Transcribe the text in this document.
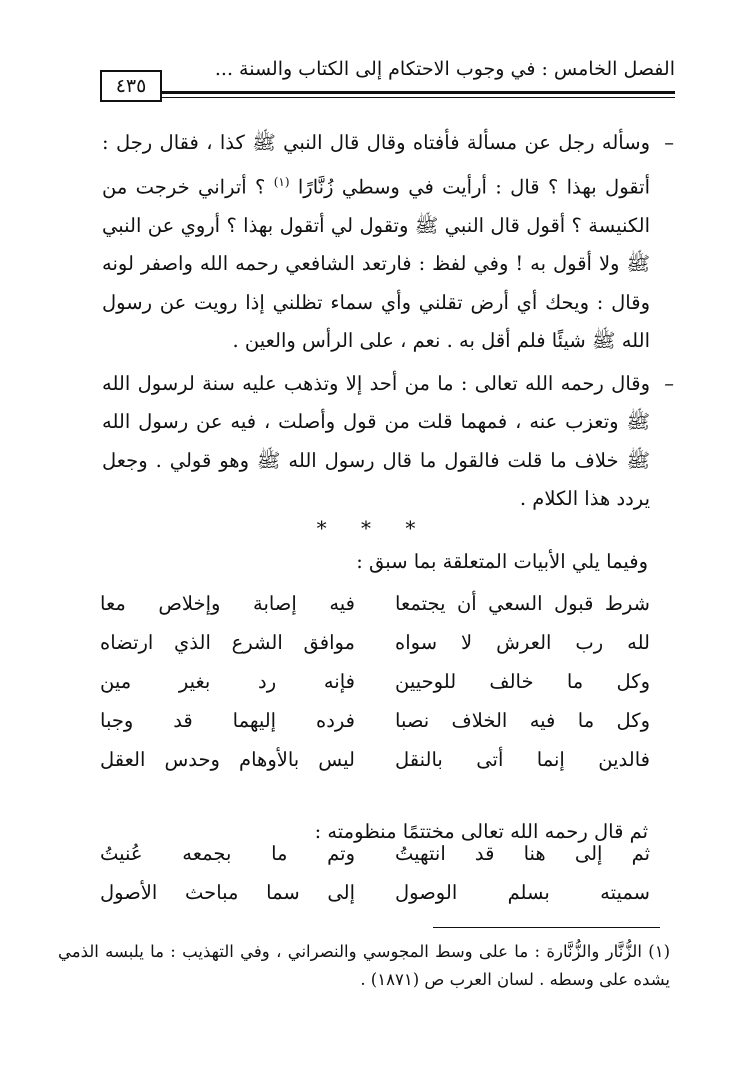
الفصل الخامس : في وجوب الاحتكام إلى الكتاب والسنة ...
٤٣٥

–
وسأله رجل عن مسألة فأفتاه وقال قال النبي ﷺ كذا ، فقال رجل : أتقول بهذا ؟ قال : أرأيت في وسطي زُنَّارًا $^{(١)}$ ؟ أتراني خرجت من الكنيسة ؟ أقول قال النبي ﷺ وتقول لي أتقول بهذا ؟ أروي عن النبي ﷺ ولا أقول به ! وفي لفظ : فارتعد الشافعي رحمه الله واصفر لونه وقال : ويحك أي أرض تقلني وأي سماء تظلني إذا رويت عن رسول الله ﷺ شيئًا فلم أقل به . نعم ، على الرأس والعين .

–
وقال رحمه الله تعالى : ما من أحد إلا وتذهب عليه سنة لرسول الله ﷺ وتعزب عنه ، فمهما قلت من قول وأصلت ، فيه عن رسول الله ﷺ خلاف ما قلت فالقول ما قال رسول الله ﷺ وهو قولي . وجعل يردد هذا الكلام .

* * *
وفيما يلي الأبيات المتعلقة بما سبق :
شرط قبول السعي أن يجتمعا
فيه إصابة وإخلاص معا
لله رب العرش لا سواه
موافق الشرع الذي ارتضاه
وكل ما خالف للوحيين
فإنه رد بغير مين
وكل ما فيه الخلاف نصبا
فرده إليهما قد وجبا
فالدين إنما أتى بالنقل
ليس بالأوهام وحدس العقل
ثم قال رحمه الله تعالى مختتمًا منظومته :
ثم إلى هنا قد انتهيتُ
وتم ما بجمعه عُنيتُ
سميته بسلم الوصول
إلى سما مباحث الأصول
(١) الزُّنَّار والزُّنَّارة : ما على وسط المجوسي والنصراني ، وفي التهذيب : ما يلبسه الذمي يشده على وسطه . لسان العرب ص (١٨٧١) .
